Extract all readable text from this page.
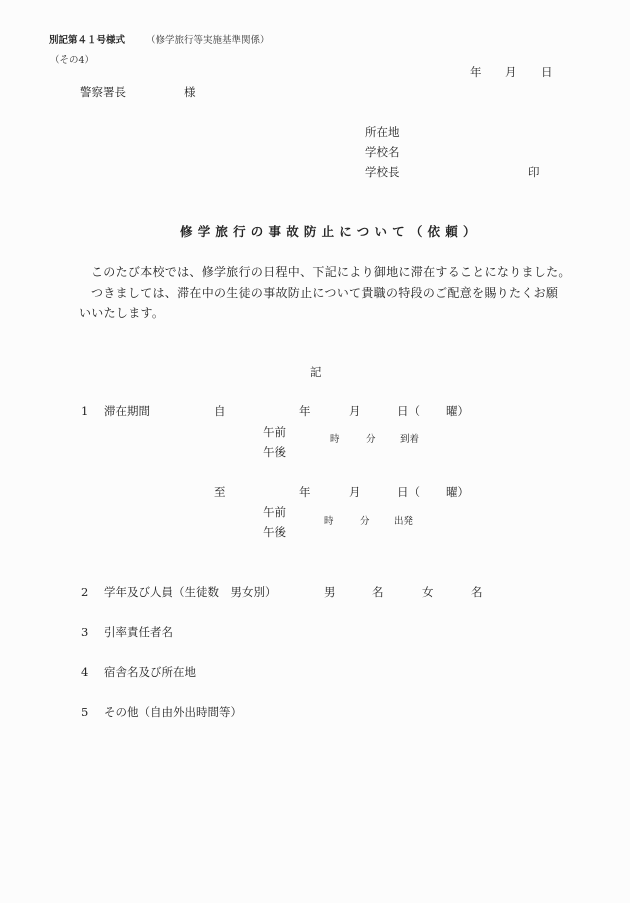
別記第４１号様式 （修学旅行等実施基準関係）
（その4）
年 月 日
警察署長	様
所在地
学校名
学校長	印
修学旅行の事故防止について（依頼）
このたび本校では、修学旅行の日程中、下記により御地に滞在することになりました。
つきましては、滞在中の生徒の事故防止について貴職の特段のご配意を賜りたくお願
いいたします。
記
1 滞在期間	自	年	月	日（ 曜）
午前
午後
時	分	到着
至	年	月	日（ 曜）
午前
午後
時	分	出発
2 学年及び人員（生徒数　男女別）	男	名	女	名
3 引率責任者名
4 宿舎名及び所在地
5 その他（自由外出時間等）
